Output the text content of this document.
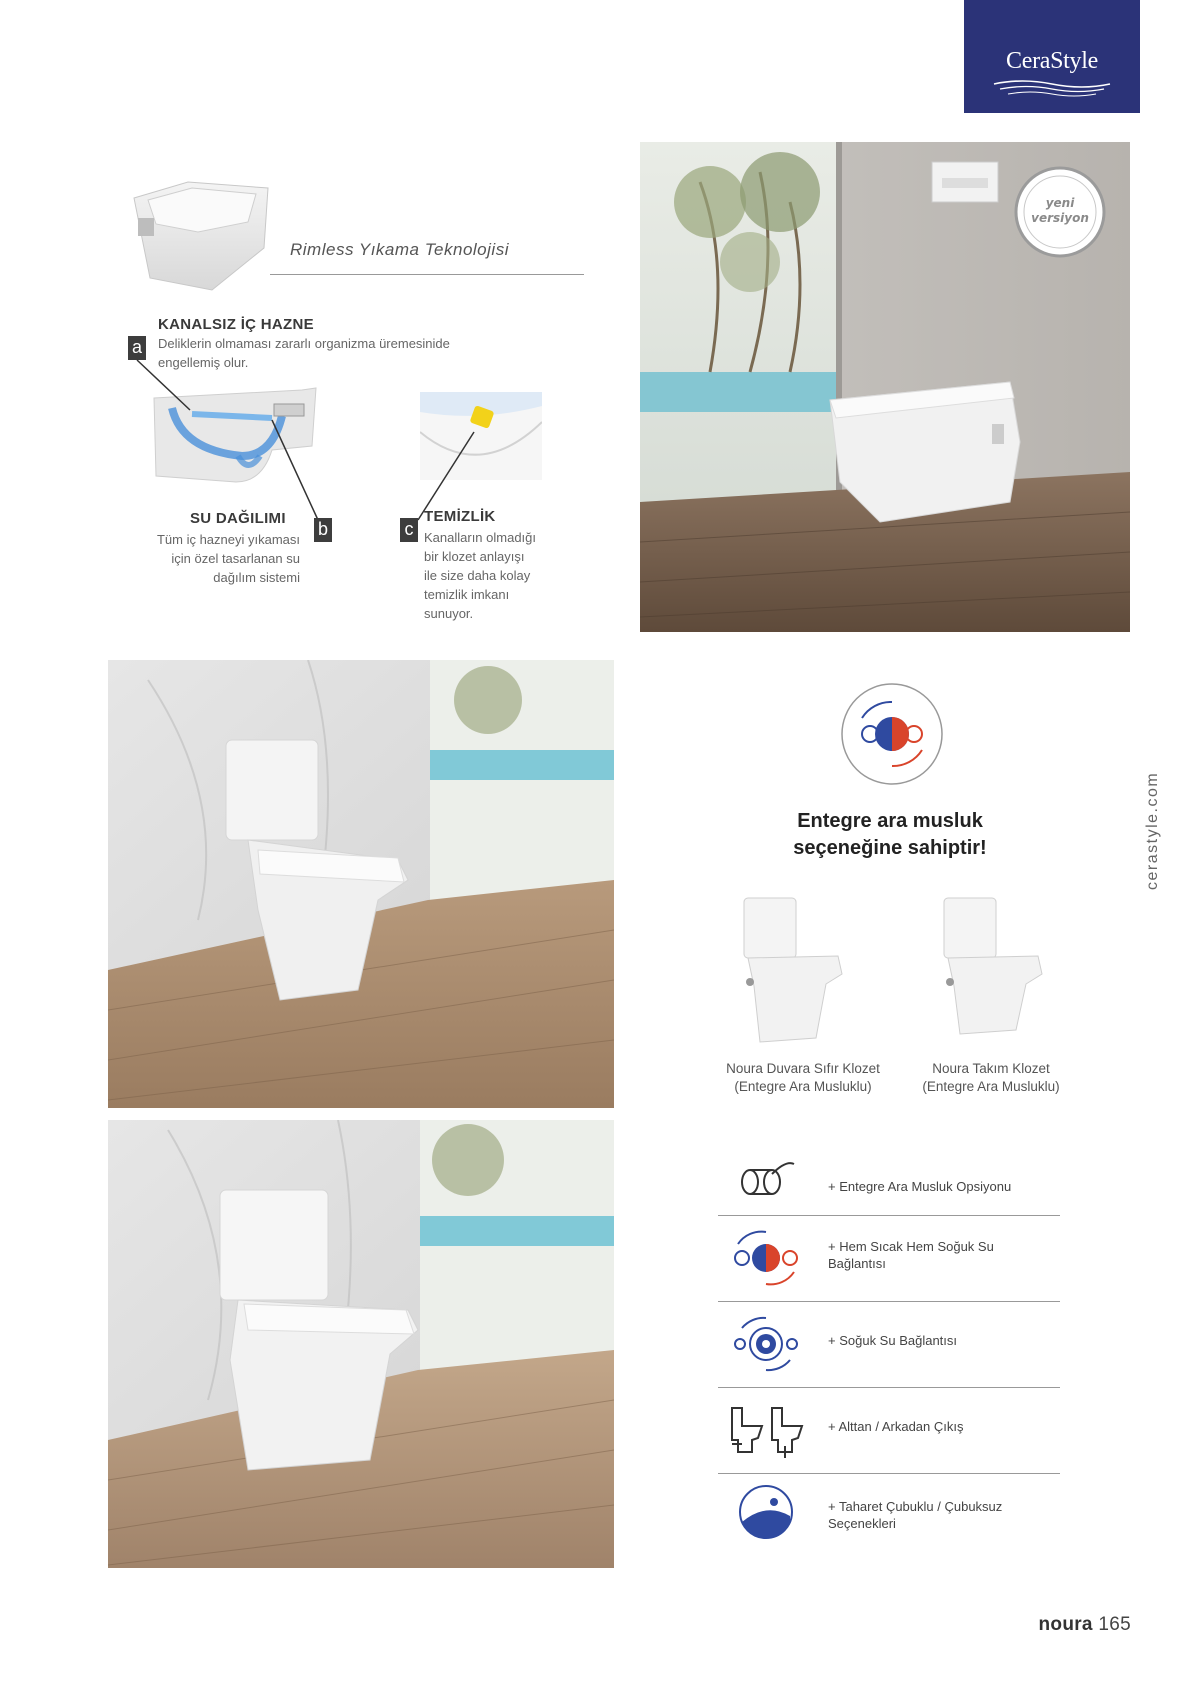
CeraStyle
Rimless Yıkama Teknolojisi
KANALSIZ İÇ HAZNE
a	Deliklerin olmaması zararlı organizma üremesinide
engellemiş olur.
SU DAĞILIMI
b
Tüm iç hazneyi yıkaması
için özel tasarlanan su
dağılım sistemi
TEMİZLİK
c Kanalların olmadığı
bir klozet anlayışı
ile size daha kolay
temizlik imkanı
sunuyor.
yeni
versiyon
Entegre ara musluk
seçeneğine sahiptir!
Noura Duvara Sıfır Klozet
(Entegre Ara Musluklu)
Noura Takım Klozet
(Entegre Ara Musluklu)
cerastyle.com
+ Entegre Ara Musluk Opsiyonu
+ Hem Sıcak Hem Soğuk Su
Bağlantısı
+ Soğuk Su Bağlantısı
+ Alttan / Arkadan Çıkış
+ Taharet Çubuklu / Çubuksuz
Seçenekleri
noura 165
